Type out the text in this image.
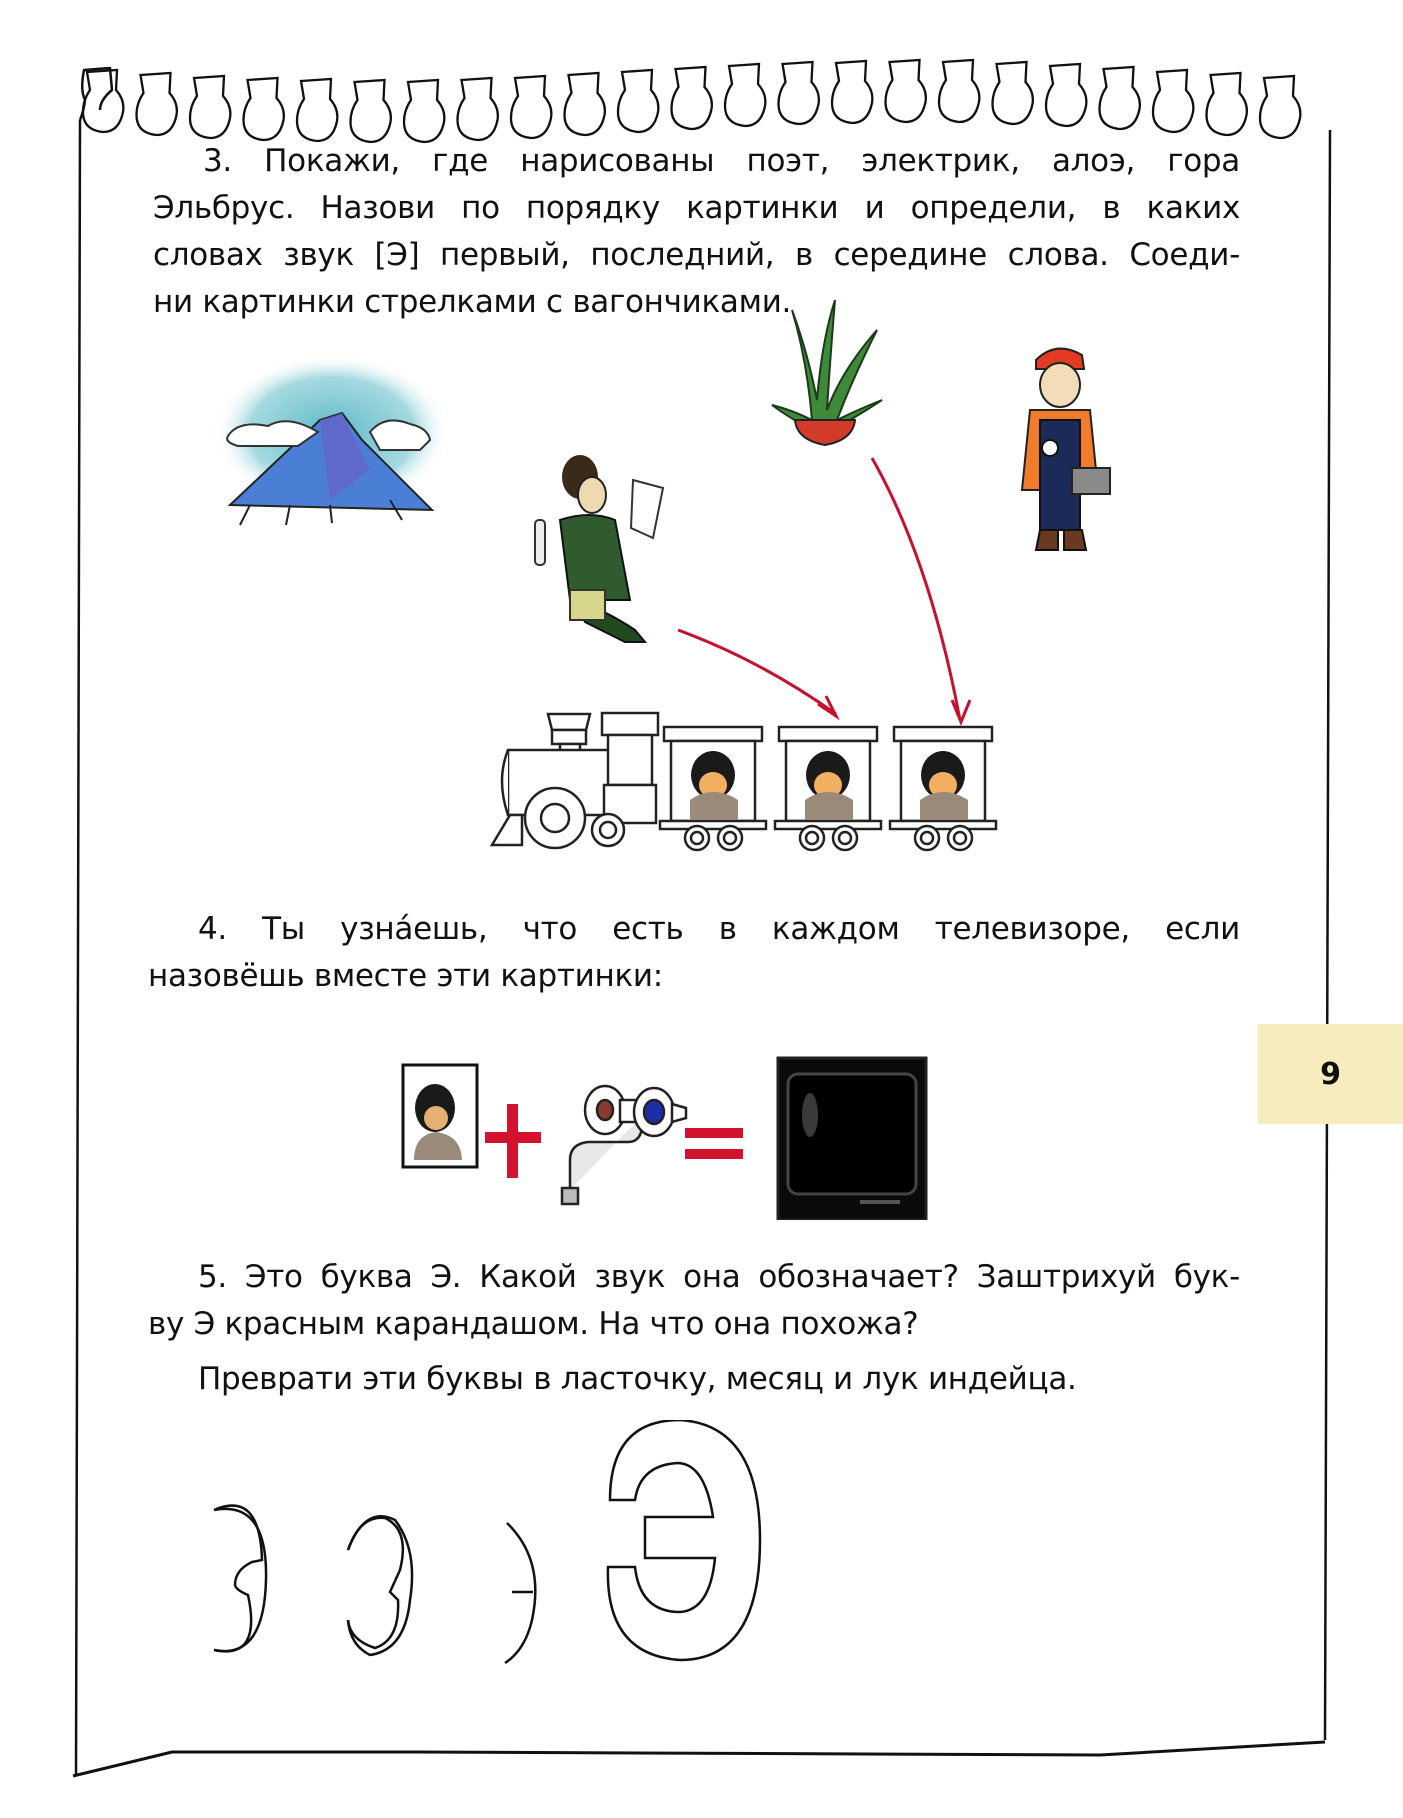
3. Покажи, где нарисованы поэт, электрик, алоэ, гора

Эльбрус. Назови по порядку картинки и определи, в каких

словах звук [Э] первый, последний, в середине слова. Соеди-

ни картинки стрелками с вагончиками.

4. Ты узна́ешь, что есть в каждом телевизоре, если

назовёшь вместе эти картинки:

9

5. Это буква Э. Какой звук она обозначает? Заштрихуй бук-

ву Э красным карандашом. На что она похожа?

Преврати эти буквы в ласточку, месяц и лук индейца.
